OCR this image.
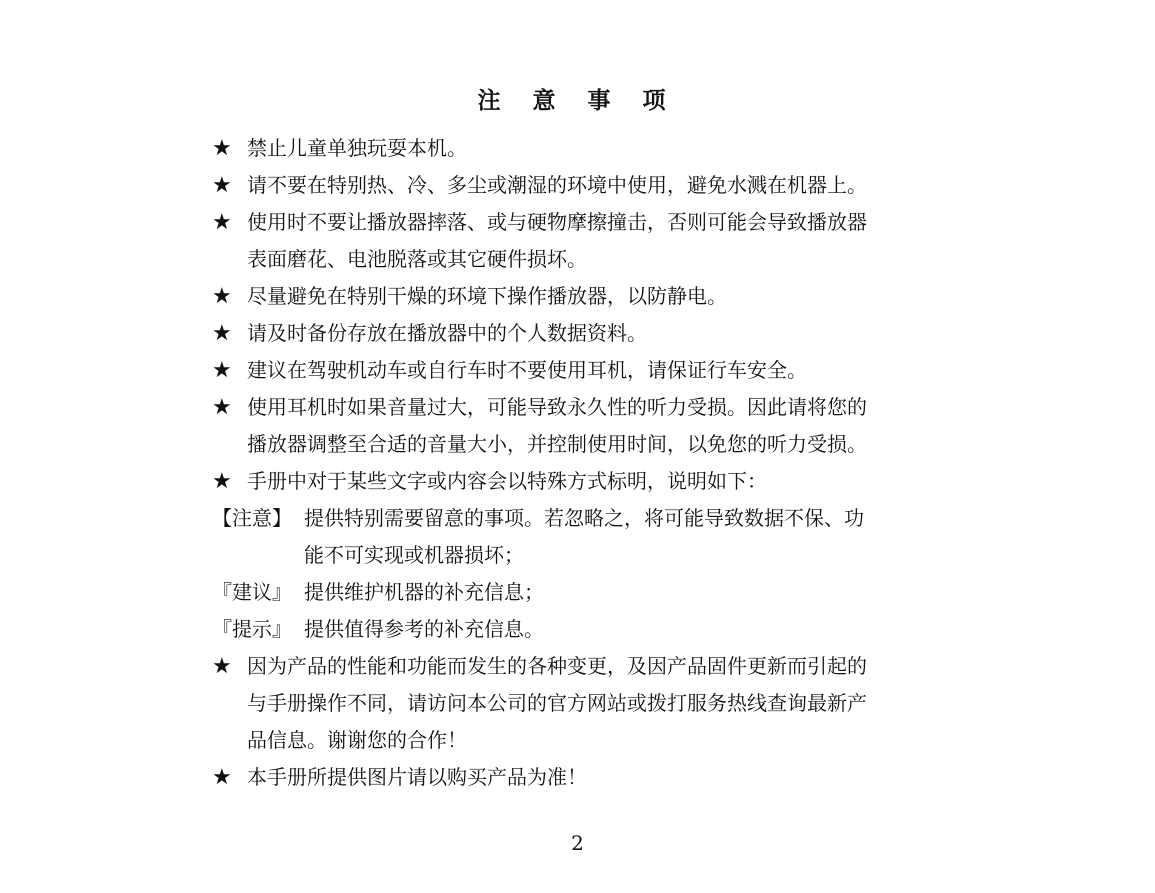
注 意 事 项
★ 禁止儿童单独玩耍本机。
★ 请不要在特别热、冷、多尘或潮湿的环境中使用，避免水溅在机器上。
★ 使用时不要让播放器摔落、或与硬物摩擦撞击，否则可能会导致播放器
表面磨花、电池脱落或其它硬件损坏。
★ 尽量避免在特别干燥的环境下操作播放器，以防静电。
★ 请及时备份存放在播放器中的个人数据资料。
★ 建议在驾驶机动车或自行车时不要使用耳机，请保证行车安全。
★ 使用耳机时如果音量过大，可能导致永久性的听力受损。因此请将您的
播放器调整至合适的音量大小，并控制使用时间，以免您的听力受损。
★ 手册中对于某些文字或内容会以特殊方式标明，说明如下：
【注意】 提供特别需要留意的事项。若忽略之，将可能导致数据不保、功
能不可实现或机器损坏；
『建议』 提供维护机器的补充信息；
『提示』 提供值得参考的补充信息。
★ 因为产品的性能和功能而发生的各种变更，及因产品固件更新而引起的
与手册操作不同，请访问本公司的官方网站或拨打服务热线查询最新产
品信息。谢谢您的合作！
★ 本手册所提供图片请以购买产品为准！
2
